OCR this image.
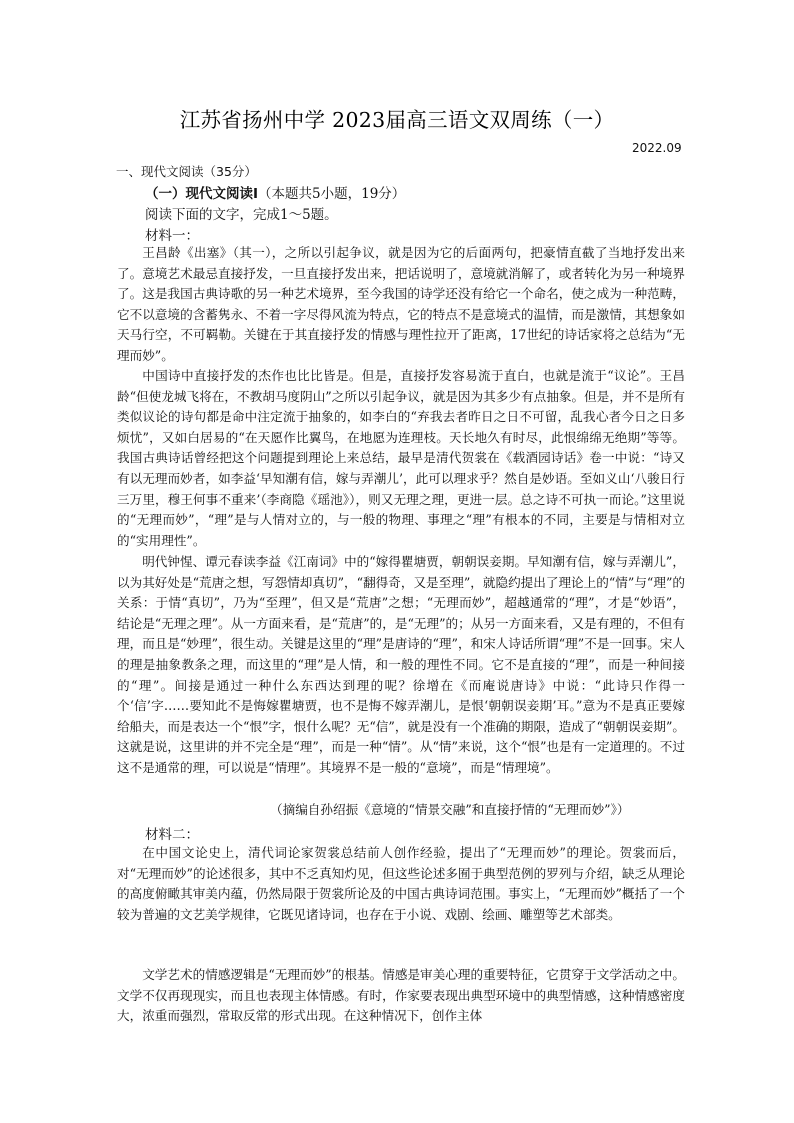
江苏省扬州中学 2023届高三语文双周练（一）
2022.09
一、现代文阅读（35分）
（一）现代文阅读Ⅰ（本题共5小题，19分）
阅读下面的文字，完成1～5题。
材料一：

王昌龄《出塞》（其一），之所以引起争议，就是因为它的后面两句，把豪情直截了当地抒发出来了。意境艺术最忌直接抒发，一旦直接抒发出来，把话说明了，意境就消解了，或者转化为另一种境界了。这是我国古典诗歌的另一种艺术境界，至今我国的诗学还没有给它一个命名，使之成为一种范畴，它不以意境的含蓄隽永、不着一字尽得风流为特点，它的特点不是意境式的温情，而是激情，其想象如天马行空，不可羁勒。关键在于其直接抒发的情感与理性拉开了距离，17世纪的诗话家将之总结为“无理而妙”。

中国诗中直接抒发的杰作也比比皆是。但是，直接抒发容易流于直白，也就是流于“议论”。王昌龄“但使龙城飞将在，不教胡马度阴山”之所以引起争议，就是因为其多少有点抽象。但是，并不是所有类似议论的诗句都是命中注定流于抽象的，如李白的“弃我去者昨日之日不可留，乱我心者今日之日多烦忧”，又如白居易的“在天愿作比翼鸟，在地愿为连理枝。天长地久有时尽，此恨绵绵无绝期”等等。我国古典诗话曾经把这个问题提到理论上来总结，最早是清代贺裳在《载酒园诗话》卷一中说：“诗又有以无理而妙者，如李益‘早知潮有信，嫁与弄潮儿’，此可以理求乎？然自是妙语。至如义山‘八骏日行三万里，穆王何事不重来’（李商隐《瑶池》），则又无理之理，更进一层。总之诗不可执一而论。”这里说的“无理而妙”，“理”是与人情对立的，与一般的物理、事理之“理”有根本的不同，主要是与情相对立的“实用理性”。

明代钟惺、谭元春读李益《江南词》中的“嫁得瞿塘贾，朝朝误妾期。早知潮有信，嫁与弄潮儿”，以为其好处是“荒唐之想，写怨情却真切”，“翻得奇，又是至理”，就隐约提出了理论上的“情”与“理”的关系：于情“真切”，乃为“至理”，但又是“荒唐”之想；“无理而妙”，超越通常的“理”，才是“妙语”，结论是“无理之理”。从一方面来看，是“荒唐”的，是“无理”的；从另一方面来看，又是有理的，不但有理，而且是“妙理”，很生动。关键是这里的“理”是唐诗的“理”，和宋人诗话所谓“理”不是一回事。宋人的理是抽象教条之理，而这里的“理”是人情，和一般的理性不同。它不是直接的“理”，而是一种间接的“理”。间接是通过一种什么东西达到理的呢？徐增在《而庵说唐诗》中说：“此诗只作得一个‘信’字……要知此不是悔嫁瞿塘贾，也不是悔不嫁弄潮儿，是恨‘朝朝误妾期’耳。”意为不是真正要嫁给船夫，而是表达一个“恨”字，恨什么呢？无“信”，就是没有一个准确的期限，造成了“朝朝误妾期”。这就是说，这里讲的并不完全是“理”，而是一种“情”。从“情”来说，这个“恨”也是有一定道理的。不过这不是通常的理，可以说是“情理”。其境界不是一般的“意境”，而是“情理境”。

（摘编自孙绍振《意境的“情景交融”和直接抒情的“无理而妙”》）
材料二：

在中国文论史上，清代词论家贺裳总结前人创作经验，提出了“无理而妙”的理论。贺裳而后，对“无理而妙”的论述很多，其中不乏真知灼见，但这些论述多囿于典型范例的罗列与介绍，缺乏从理论的高度俯瞰其审美内蕴，仍然局限于贺裳所论及的中国古典诗词范围。事实上，“无理而妙”概括了一个较为普遍的文艺美学规律，它既见诸诗词，也存在于小说、戏剧、绘画、雕塑等艺术部类。

文学艺术的情感逻辑是“无理而妙”的根基。情感是审美心理的重要特征，它贯穿于文学活动之中。文学不仅再现现实，而且也表现主体情感。有时，作家要表现出典型环境中的典型情感，这种情感密度大，浓重而强烈，常取反常的形式出现。在这种情况下，创作主体
